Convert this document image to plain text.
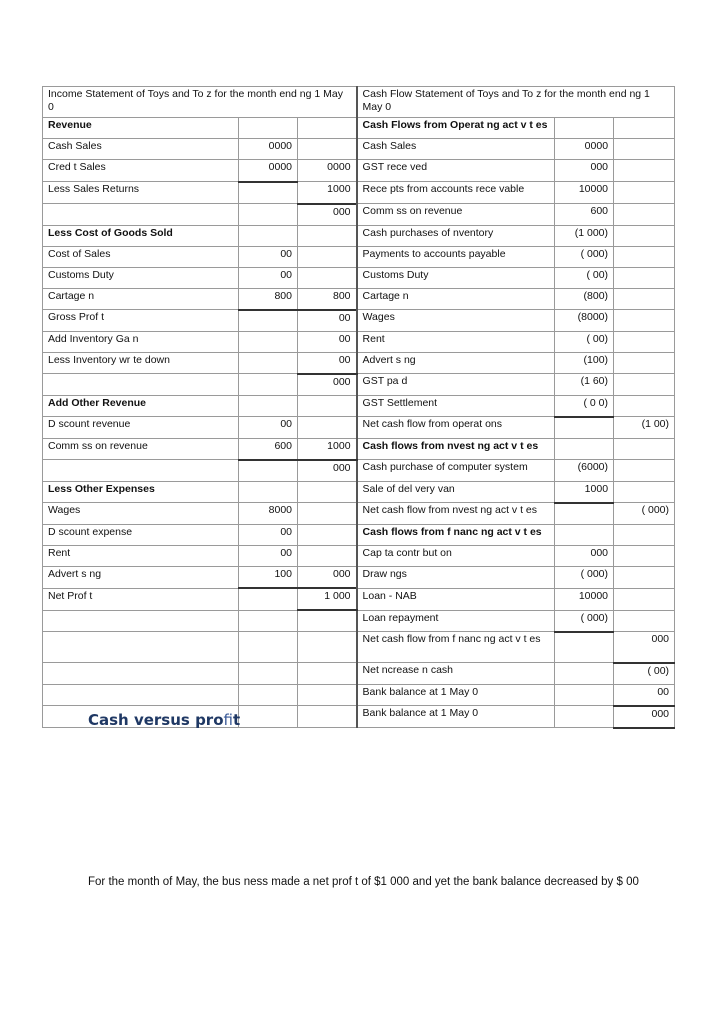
Income Statement of Toys and To z for the month end ng 1 May 0			Cash Flow Statement of Toys and To z for the month end ng 1 May 0		
Revenue			Cash Flows from Operat ng act v t es		
Cash Sales	0000		Cash Sales	0000	
Cred t Sales	0000	0000	GST rece ved	000	
Less Sales Returns		1000	Rece pts from accounts rece vable	10000	
		000	Comm ss on revenue	600	
Less Cost of Goods Sold			Cash purchases of nventory	(1 000)	
Cost of Sales	00		Payments to accounts payable	( 000)	
Customs Duty	00		Customs Duty	( 00)	
Cartage n	800	800	Cartage n	(800)	
Gross Prof t		00	Wages	(8000)	
Add Inventory Ga n		00	Rent	( 00)	
Less Inventory wr te down		00	Advert s ng	(100)	
		000	GST pa d	(1 60)	
Add Other Revenue			GST Settlement	( 0 0)	
D scount revenue	00		Net cash flow from operat ons		(1 00)
Comm ss on revenue	600	1000	Cash flows from nvest ng act v t es		
		000	Cash purchase of computer system	(6000)	
Less Other Expenses			Sale of del very van	1000	
Wages	8000		Net cash flow from nvest ng act v t es		( 000)
D scount expense	00		Cash flows from f nanc ng act v t es		
Rent	00		Cap ta contr but on	000	
Advert s ng	100	000	Draw ngs	( 000)	
Net Prof t		1 000	Loan - NAB	10000	
			Loan repayment	( 000)	
			Net cash flow from f nanc ng act v t es		000
			Net ncrease n cash		( 00)
			Bank balance at 1 May 0		00
			Bank balance at 1 May 0		000
Cash versus proﬁt

For the month of May, the bus ness made a net prof t of $1 000 and yet the bank balance decreased by $ 00
